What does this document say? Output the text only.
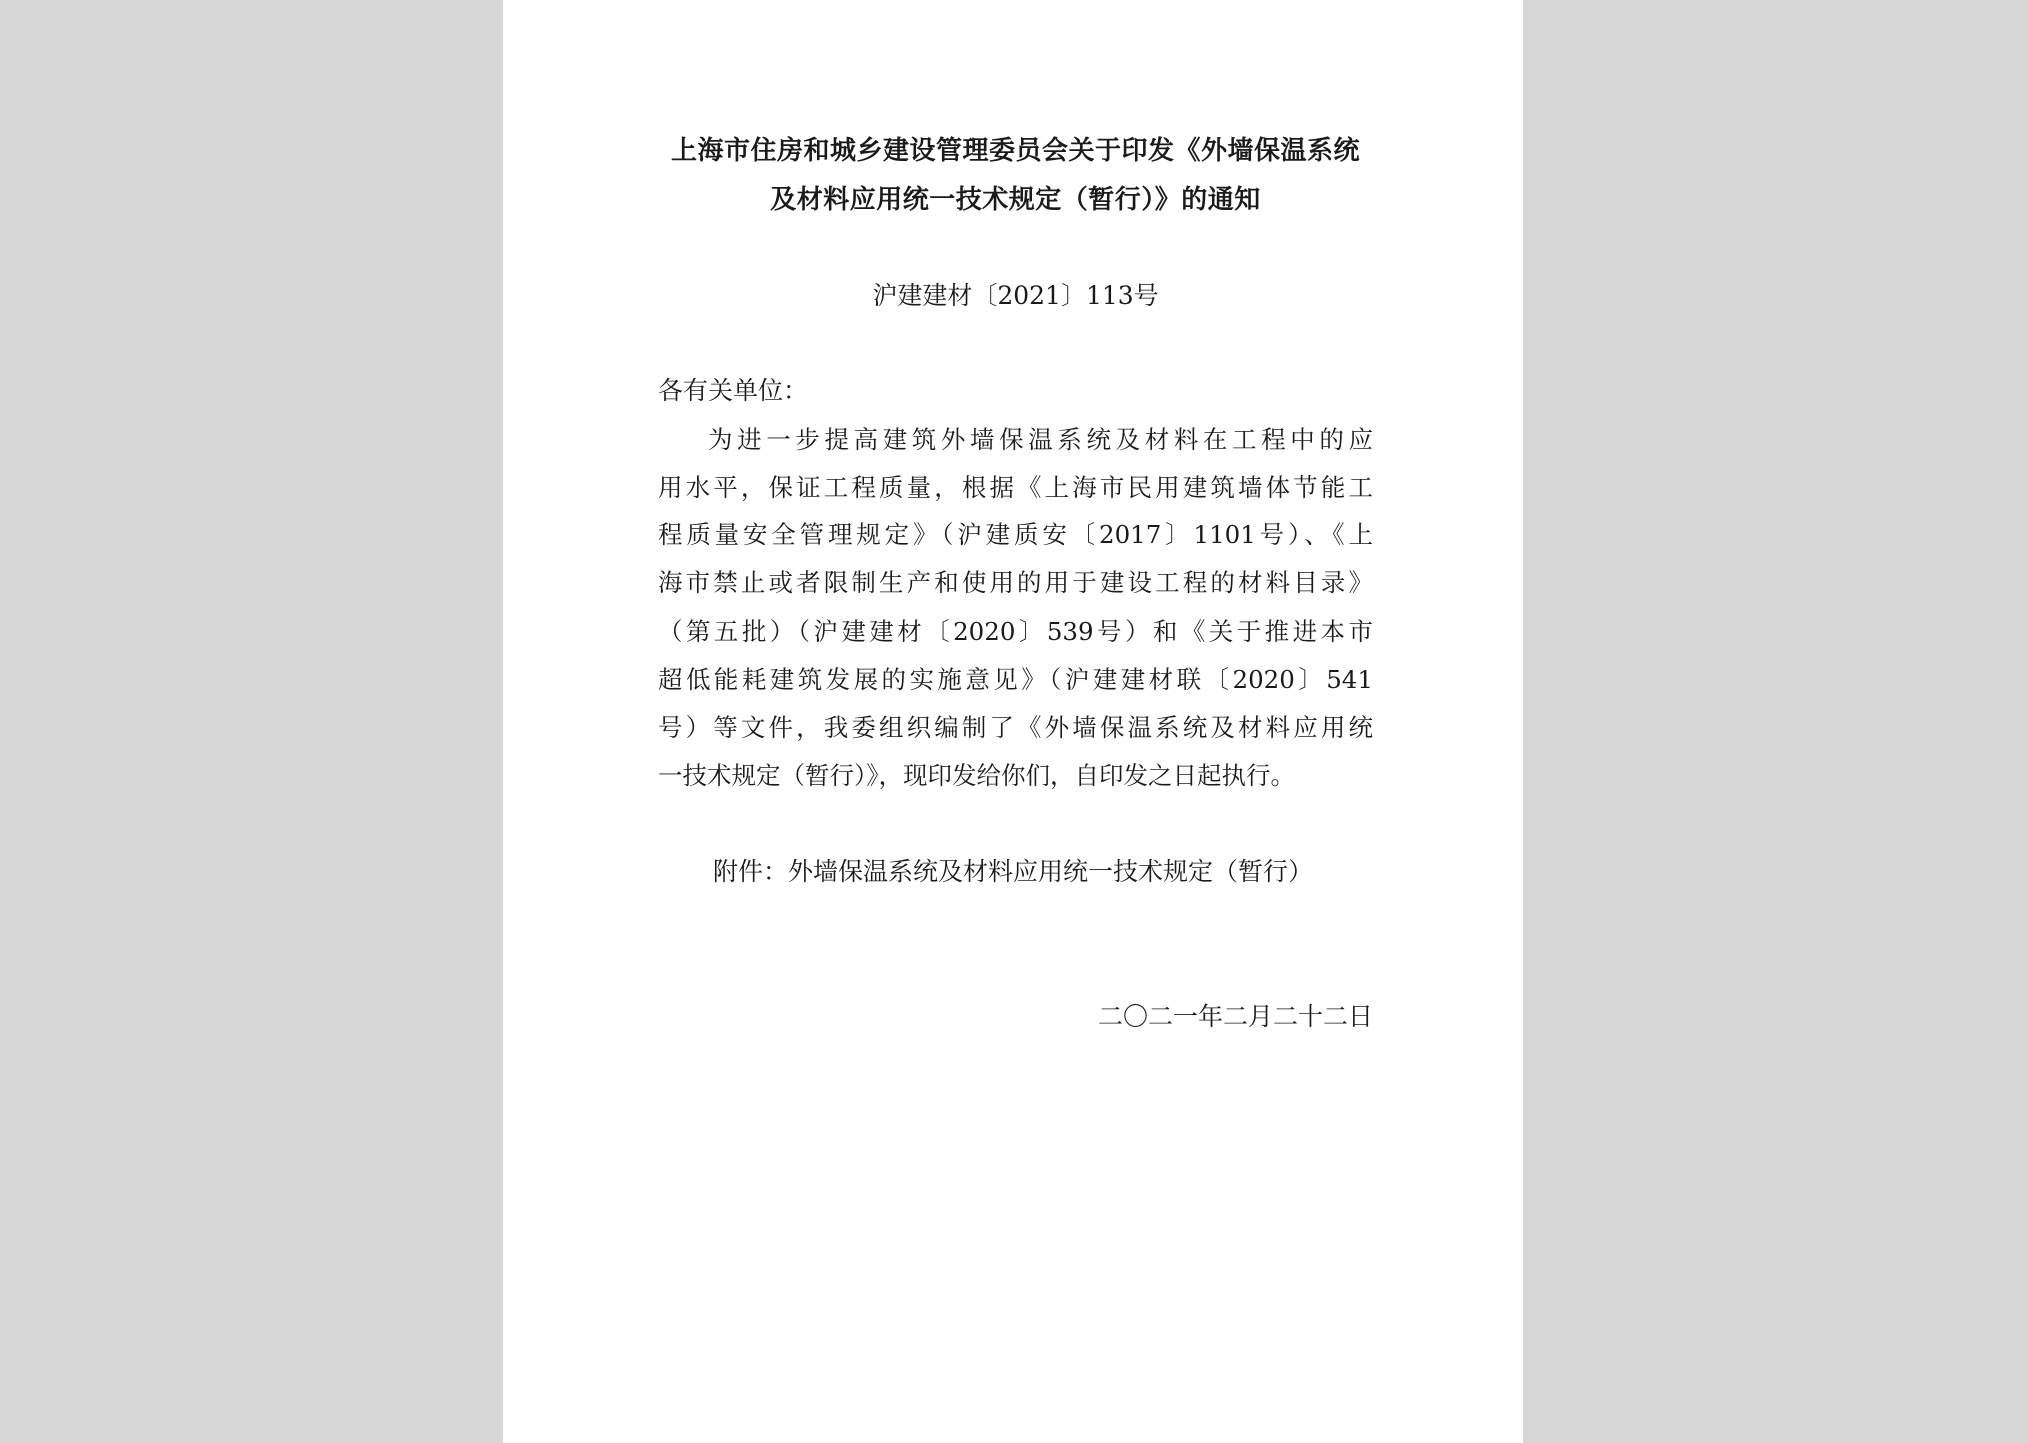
上海市住房和城乡建设管理委员会关于印发《外墙保温系统
及材料应用统一技术规定（暂行）》的通知
沪建建材〔2021〕113号
各有关单位：
为进一步提高建筑外墙保温系统及材料在工程中的应
用水平，保证工程质量，根据《上海市民用建筑墙体节能工
程质量安全管理规定》（沪建质安〔2017〕1101号）、《上
海市禁止或者限制生产和使用的用于建设工程的材料目录》
（第五批）（沪建建材〔2020〕539号）和《关于推进本市
超低能耗建筑发展的实施意见》（沪建建材联〔2020〕541
号）等文件，我委组织编制了《外墙保温系统及材料应用统
一技术规定（暂行）》，现印发给你们，自印发之日起执行。
附件：外墙保温系统及材料应用统一技术规定（暂行）
二〇二一年二月二十二日
